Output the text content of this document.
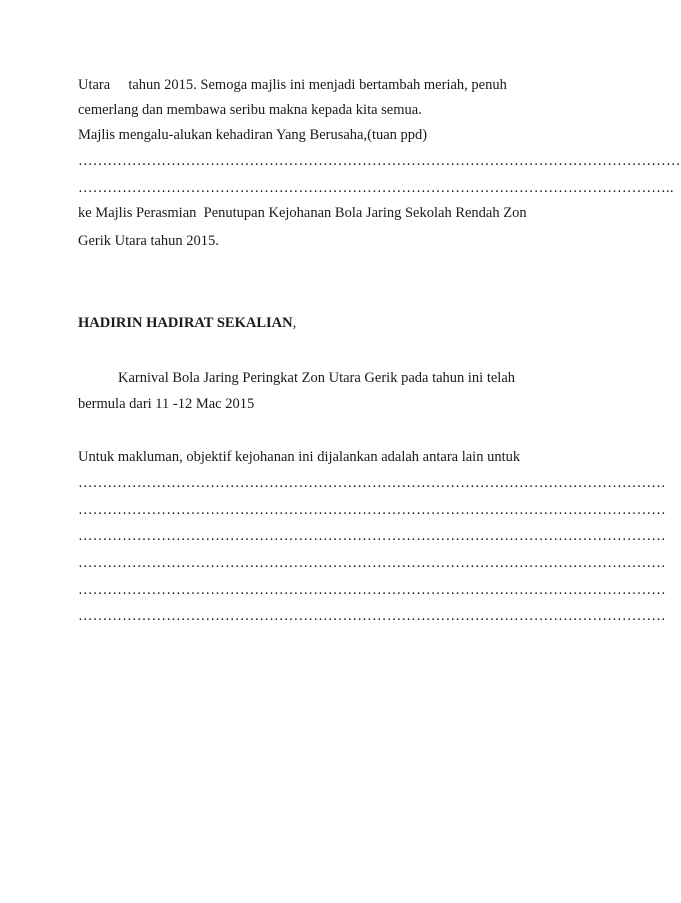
Utara     tahun 2015. Semoga majlis ini menjadi bertambah meriah, penuh

cemerlang dan membawa seribu makna kepada kita semua.

Majlis mengalu-alukan kehadiran Yang Berusaha,(tuan ppd)

……………………………………………………………………………………………………………

…………………………………………………………………………………………………………..

ke Majlis Perasmian  Penutupan Kejohanan Bola Jaring Sekolah Rendah Zon

Gerik Utara tahun 2015.

HADIRIN HADIRAT SEKALIAN,

Karnival Bola Jaring Peringkat Zon Utara Gerik pada tahun ini telah

bermula dari 11 -12 Mac 2015

Untuk makluman, objektif kejohanan ini dijalankan adalah antara lain untuk

…………………………………………………………………………………………………………

…………………………………………………………………………………………………………

…………………………………………………………………………………………………………

…………………………………………………………………………………………………………

…………………………………………………………………………………………………………

…………………………………………………………………………………………………………
